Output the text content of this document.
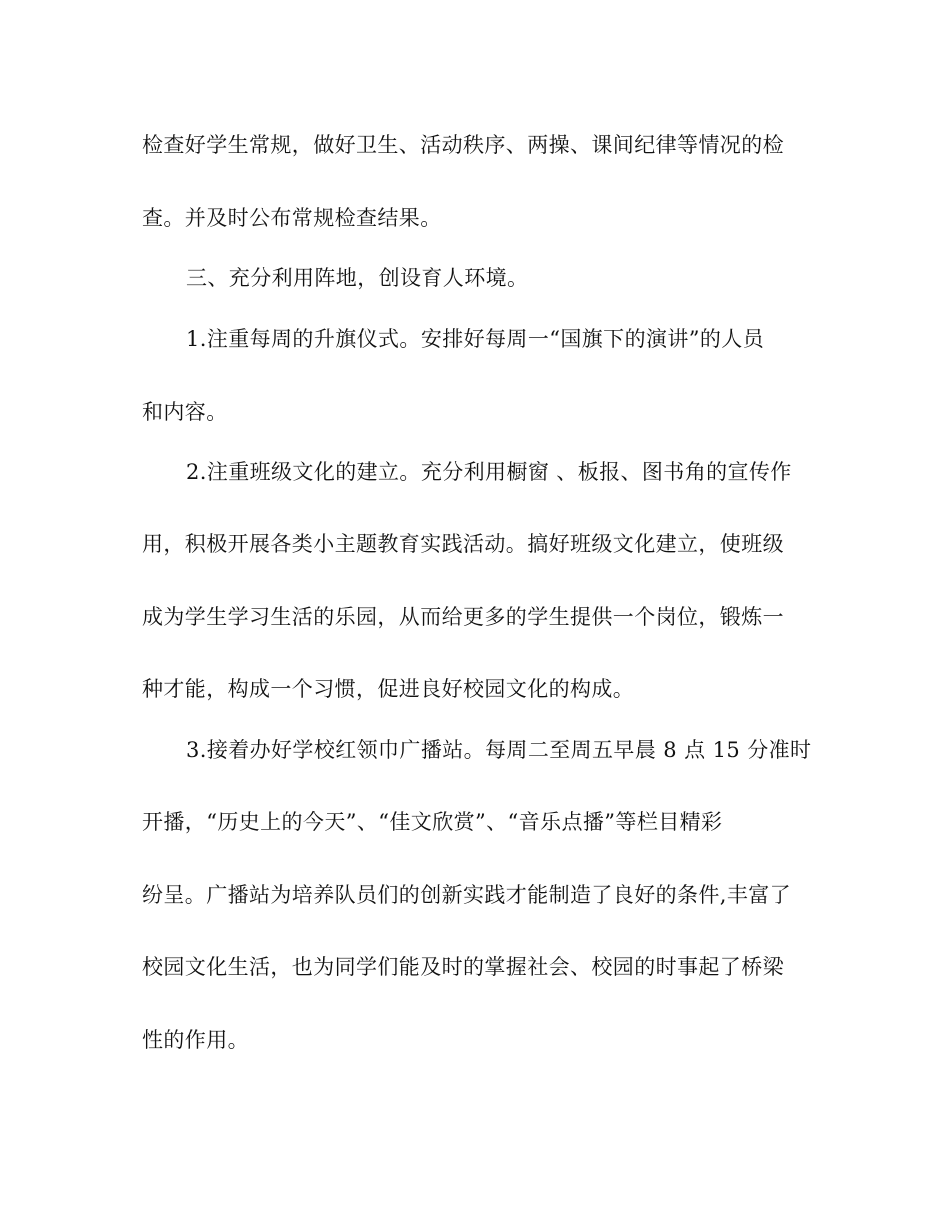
检查好学生常规，做好卫生、活动秩序、两操、课间纪律等情况的检
查。并及时公布常规检查结果。
三、充分利用阵地，创设育人环境。
1.注重每周的升旗仪式。安排好每周一“国旗下的演讲”的人员
和内容。
2.注重班级文化的建立。充分利用橱窗 、板报、图书角的宣传作
用，积极开展各类小主题教育实践活动。搞好班级文化建立，使班级
成为学生学习生活的乐园，从而给更多的学生提供一个岗位，锻炼一
种才能，构成一个习惯，促进良好校园文化的构成。
3.接着办好学校红领巾广播站。每周二至周五早晨 8 点 15 分准时
开播，“历史上的今天”、“佳文欣赏”、“音乐点播”等栏目精彩
纷呈。广播站为培养队员们的创新实践才能制造了良好的条件,丰富了
校园文化生活，也为同学们能及时的掌握社会、校园的时事起了桥梁
性的作用。
